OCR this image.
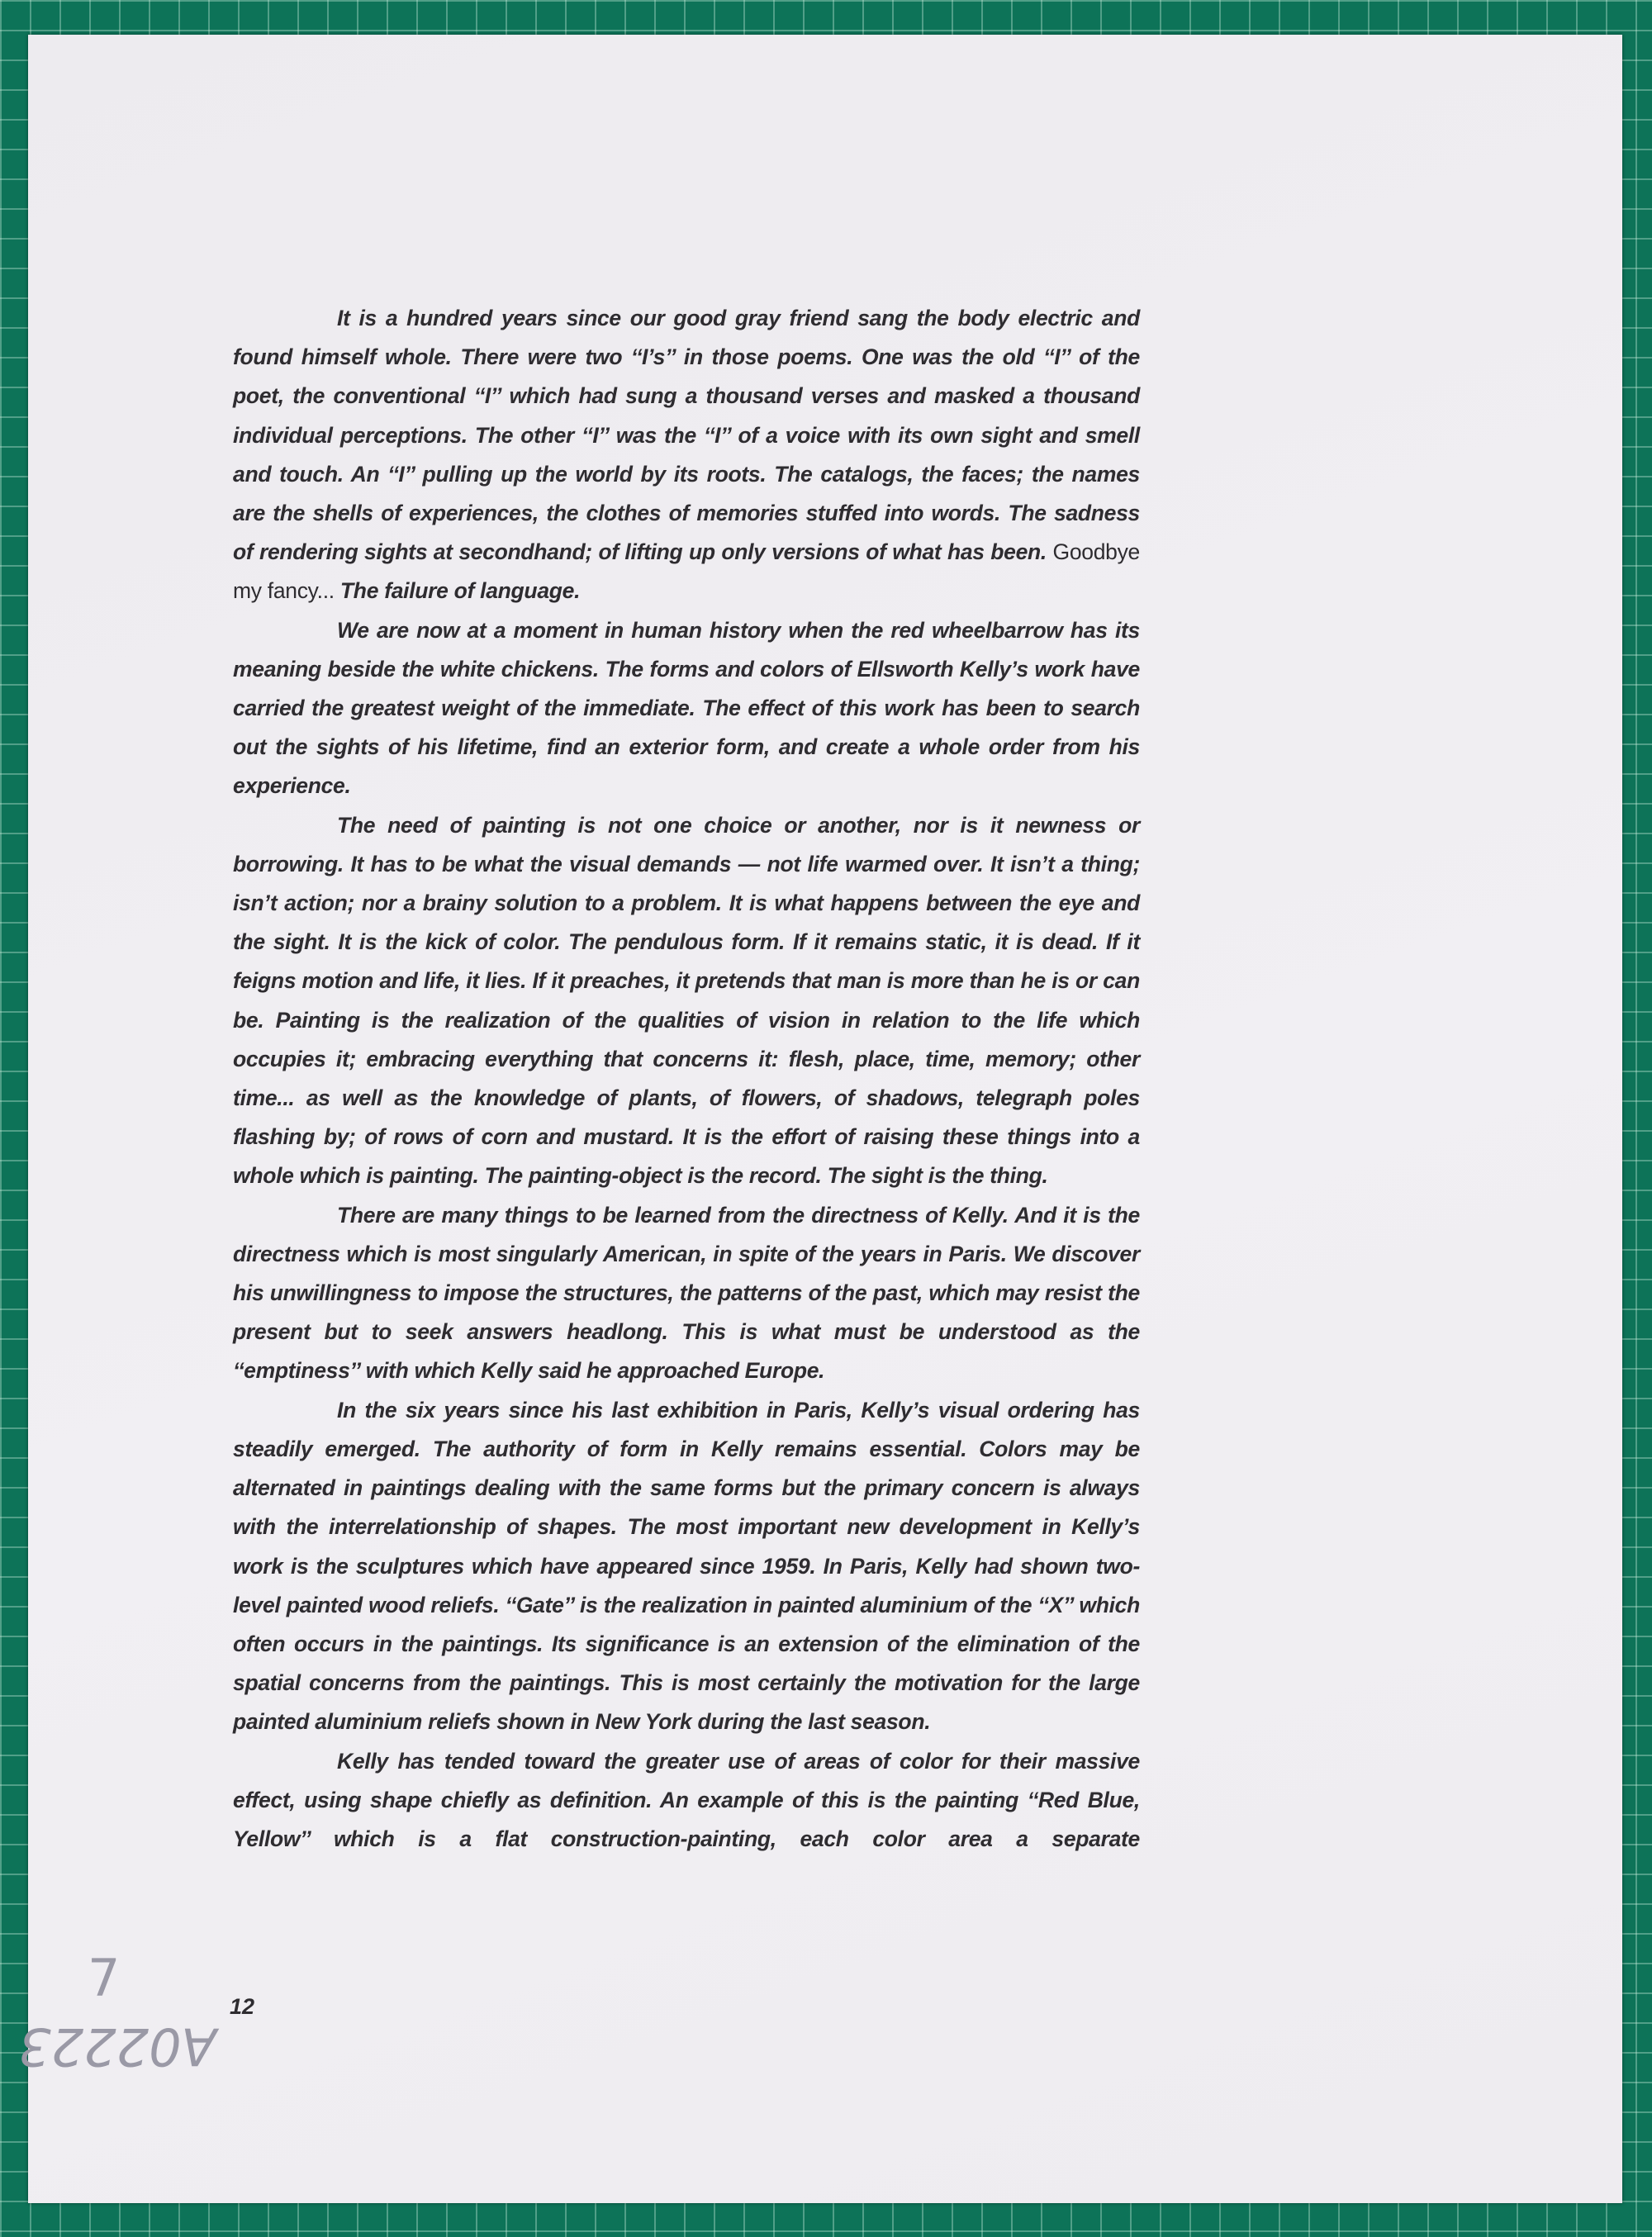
It is a hundred years since our good gray friend sang the body electric and found himself whole. There were two ‘‘I’s’’ in those poems. One was the old ‘‘I’’ of the poet, the conventional ‘‘I’’ which had sung a thousand verses and masked a thousand individual perceptions. The other ‘‘I’’ was the ‘‘I’’ of a voice with its own sight and smell and touch. An ‘‘I’’ pulling up the world by its roots. The catalogs, the faces; the names are the shells of experiences, the clothes of memories stuffed into words. The sadness of rendering sights at secondhand; of lifting up only versions of what has been. Goodbye my fancy... The failure of language.

We are now at a moment in human history when the red wheelbarrow has its meaning beside the white chickens. The forms and colors of Ellsworth Kelly’s work have carried the greatest weight of the immediate. The effect of this work has been to search out the sights of his lifetime, find an exterior form, and create a whole order from his experience.

The need of painting is not one choice or another, nor is it newness or borrowing. It has to be what the visual demands — not life warmed over. It isn’t a thing; isn’t action; nor a brainy solution to a problem. It is what happens between the eye and the sight. It is the kick of color. The pendulous form. If it remains static, it is dead. If it feigns motion and life, it lies. If it preaches, it pretends that man is more than he is or can be. Painting is the realization of the qualities of vision in relation to the life which occupies it; embracing everything that concerns it: flesh, place, time, memory; other time... as well as the knowledge of plants, of flowers, of shadows, telegraph poles flashing by; of rows of corn and mustard. It is the effort of raising these things into a whole which is painting. The painting-object is the record. The sight is the thing.

There are many things to be learned from the directness of Kelly. And it is the directness which is most singularly American, in spite of the years in Paris. We discover his unwillingness to impose the structures, the patterns of the past, which may resist the present but to seek answers headlong. This is what must be understood as the ‘‘emptiness’’ with which Kelly said he approached Europe.

In the six years since his last exhibition in Paris, Kelly’s visual ordering has steadily emerged. The authority of form in Kelly remains essential. Colors may be alternated in paintings dealing with the same forms but the primary concern is always with the interrelationship of shapes. The most important new development in Kelly’s work is the sculptures which have appeared since 1959. In Paris, Kelly had shown two-level painted wood reliefs. ‘‘Gate’’ is the realization in painted aluminium of the ‘‘X’’ which often occurs in the paintings. Its significance is an extension of the elimination of the spatial concerns from the paintings. This is most certainly the motivation for the large painted aluminium reliefs shown in New York during the last season.

Kelly has tended toward the greater use of areas of color for their massive effect, using shape chiefly as definition. An example of this is the painting ‘‘Red Blue, Yellow’’ which is a flat construction-painting, each color area a separate

12
7
A02223
